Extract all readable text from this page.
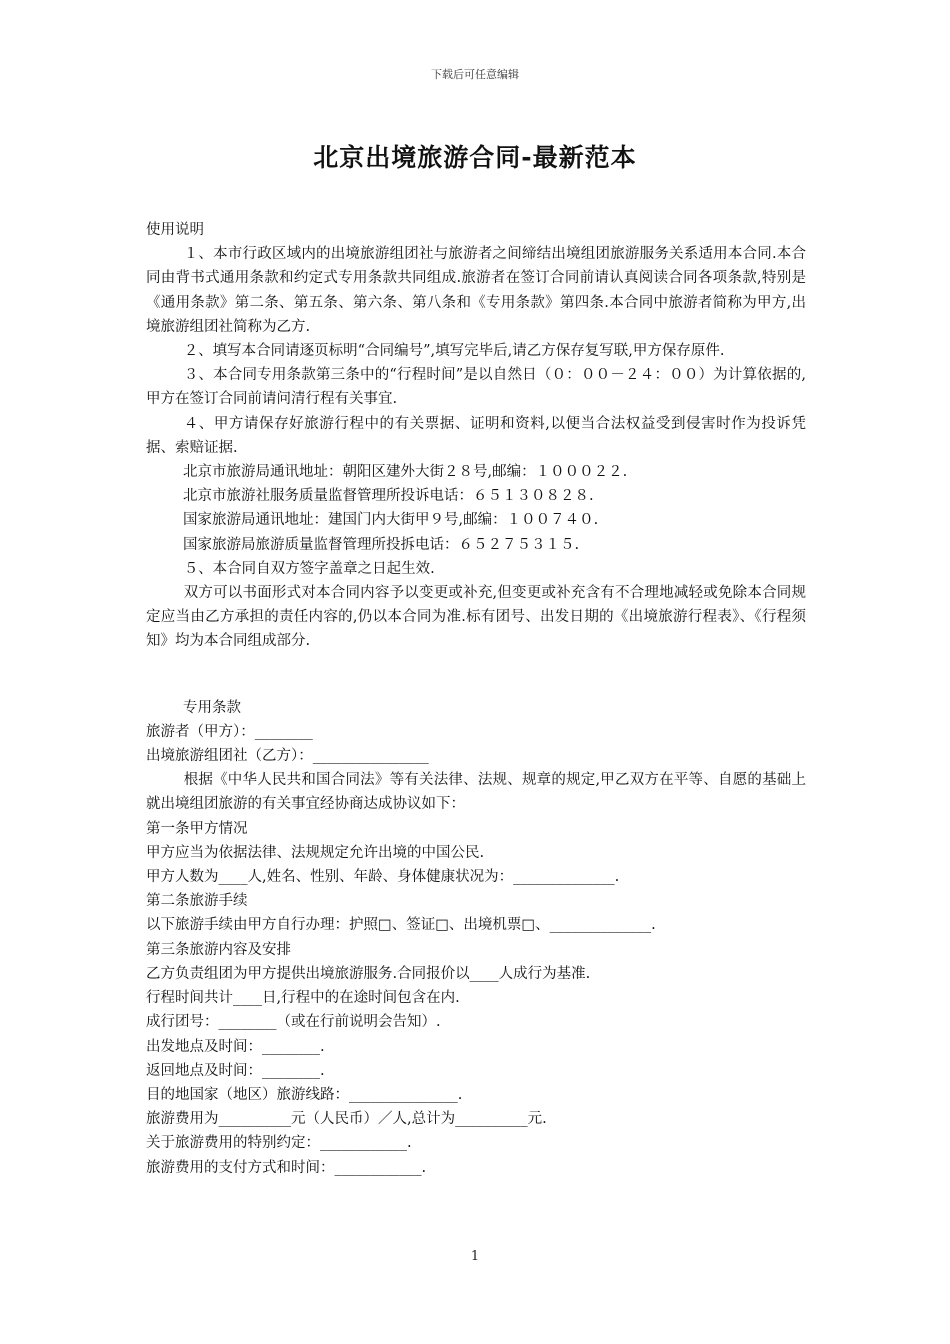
下载后可任意编辑
北京出境旅游合同-最新范本

使用说明

１、本市行政区域内的出境旅游组团社与旅游者之间缔结出境组团旅游服务关系适用本合同.本合同由背书式通用条款和约定式专用条款共同组成.旅游者在签订合同前请认真阅读合同各项条款,特别是《通用条款》第二条、第五条、第六条、第八条和《专用条款》第四条.本合同中旅游者简称为甲方,出境旅游组团社简称为乙方.

２、填写本合同请逐页标明“合同编号”,填写完毕后,请乙方保存复写联,甲方保存原件.

３、本合同专用条款第三条中的“行程时间”是以自然日（０：００－２４：００）为计算依据的,甲方在签订合同前请问清行程有关事宜.

４、甲方请保存好旅游行程中的有关票据、证明和资料,以便当合法权益受到侵害时作为投诉凭据、索赔证据.

北京市旅游局通讯地址：朝阳区建外大街２８号,邮编：１０００２２.

北京市旅游社服务质量监督管理所投诉电话：６５１３０８２８.

国家旅游局通讯地址：建国门内大街甲９号,邮编：１００７４０.

国家旅游局旅游质量监督管理所投拆电话：６５２７５３１５.

５、本合同自双方签字盖章之日起生效.

双方可以书面形式对本合同内容予以变更或补充,但变更或补充含有不合理地减轻或免除本合同规定应当由乙方承担的责任内容的,仍以本合同为准.标有团号、出发日期的《出境旅游行程表》、《行程须知》均为本合同组成部分.

专用条款

旅游者（甲方）：________

出境旅游组团社（乙方）：________________

根据《中华人民共和国合同法》等有关法律、法规、规章的规定,甲乙双方在平等、自愿的基础上就出境组团旅游的有关事宜经协商达成协议如下：

第一条甲方情况

甲方应当为依据法律、法规规定允许出境的中国公民.

甲方人数为____人,姓名、性别、年龄、身体健康状况为：______________.

第二条旅游手续

以下旅游手续由甲方自行办理：护照□、签证□、出境机票□、______________.

第三条旅游内容及安排

乙方负责组团为甲方提供出境旅游服务.合同报价以____人成行为基准.

行程时间共计____日,行程中的在途时间包含在内.

成行团号：________（或在行前说明会告知）.

出发地点及时间：________.

返回地点及时间：________.

目的地国家（地区）旅游线路：_______________.

旅游费用为__________元（人民币）／人,总计为__________元.

关于旅游费用的特别约定：____________.

旅游费用的支付方式和时间：____________.

1
